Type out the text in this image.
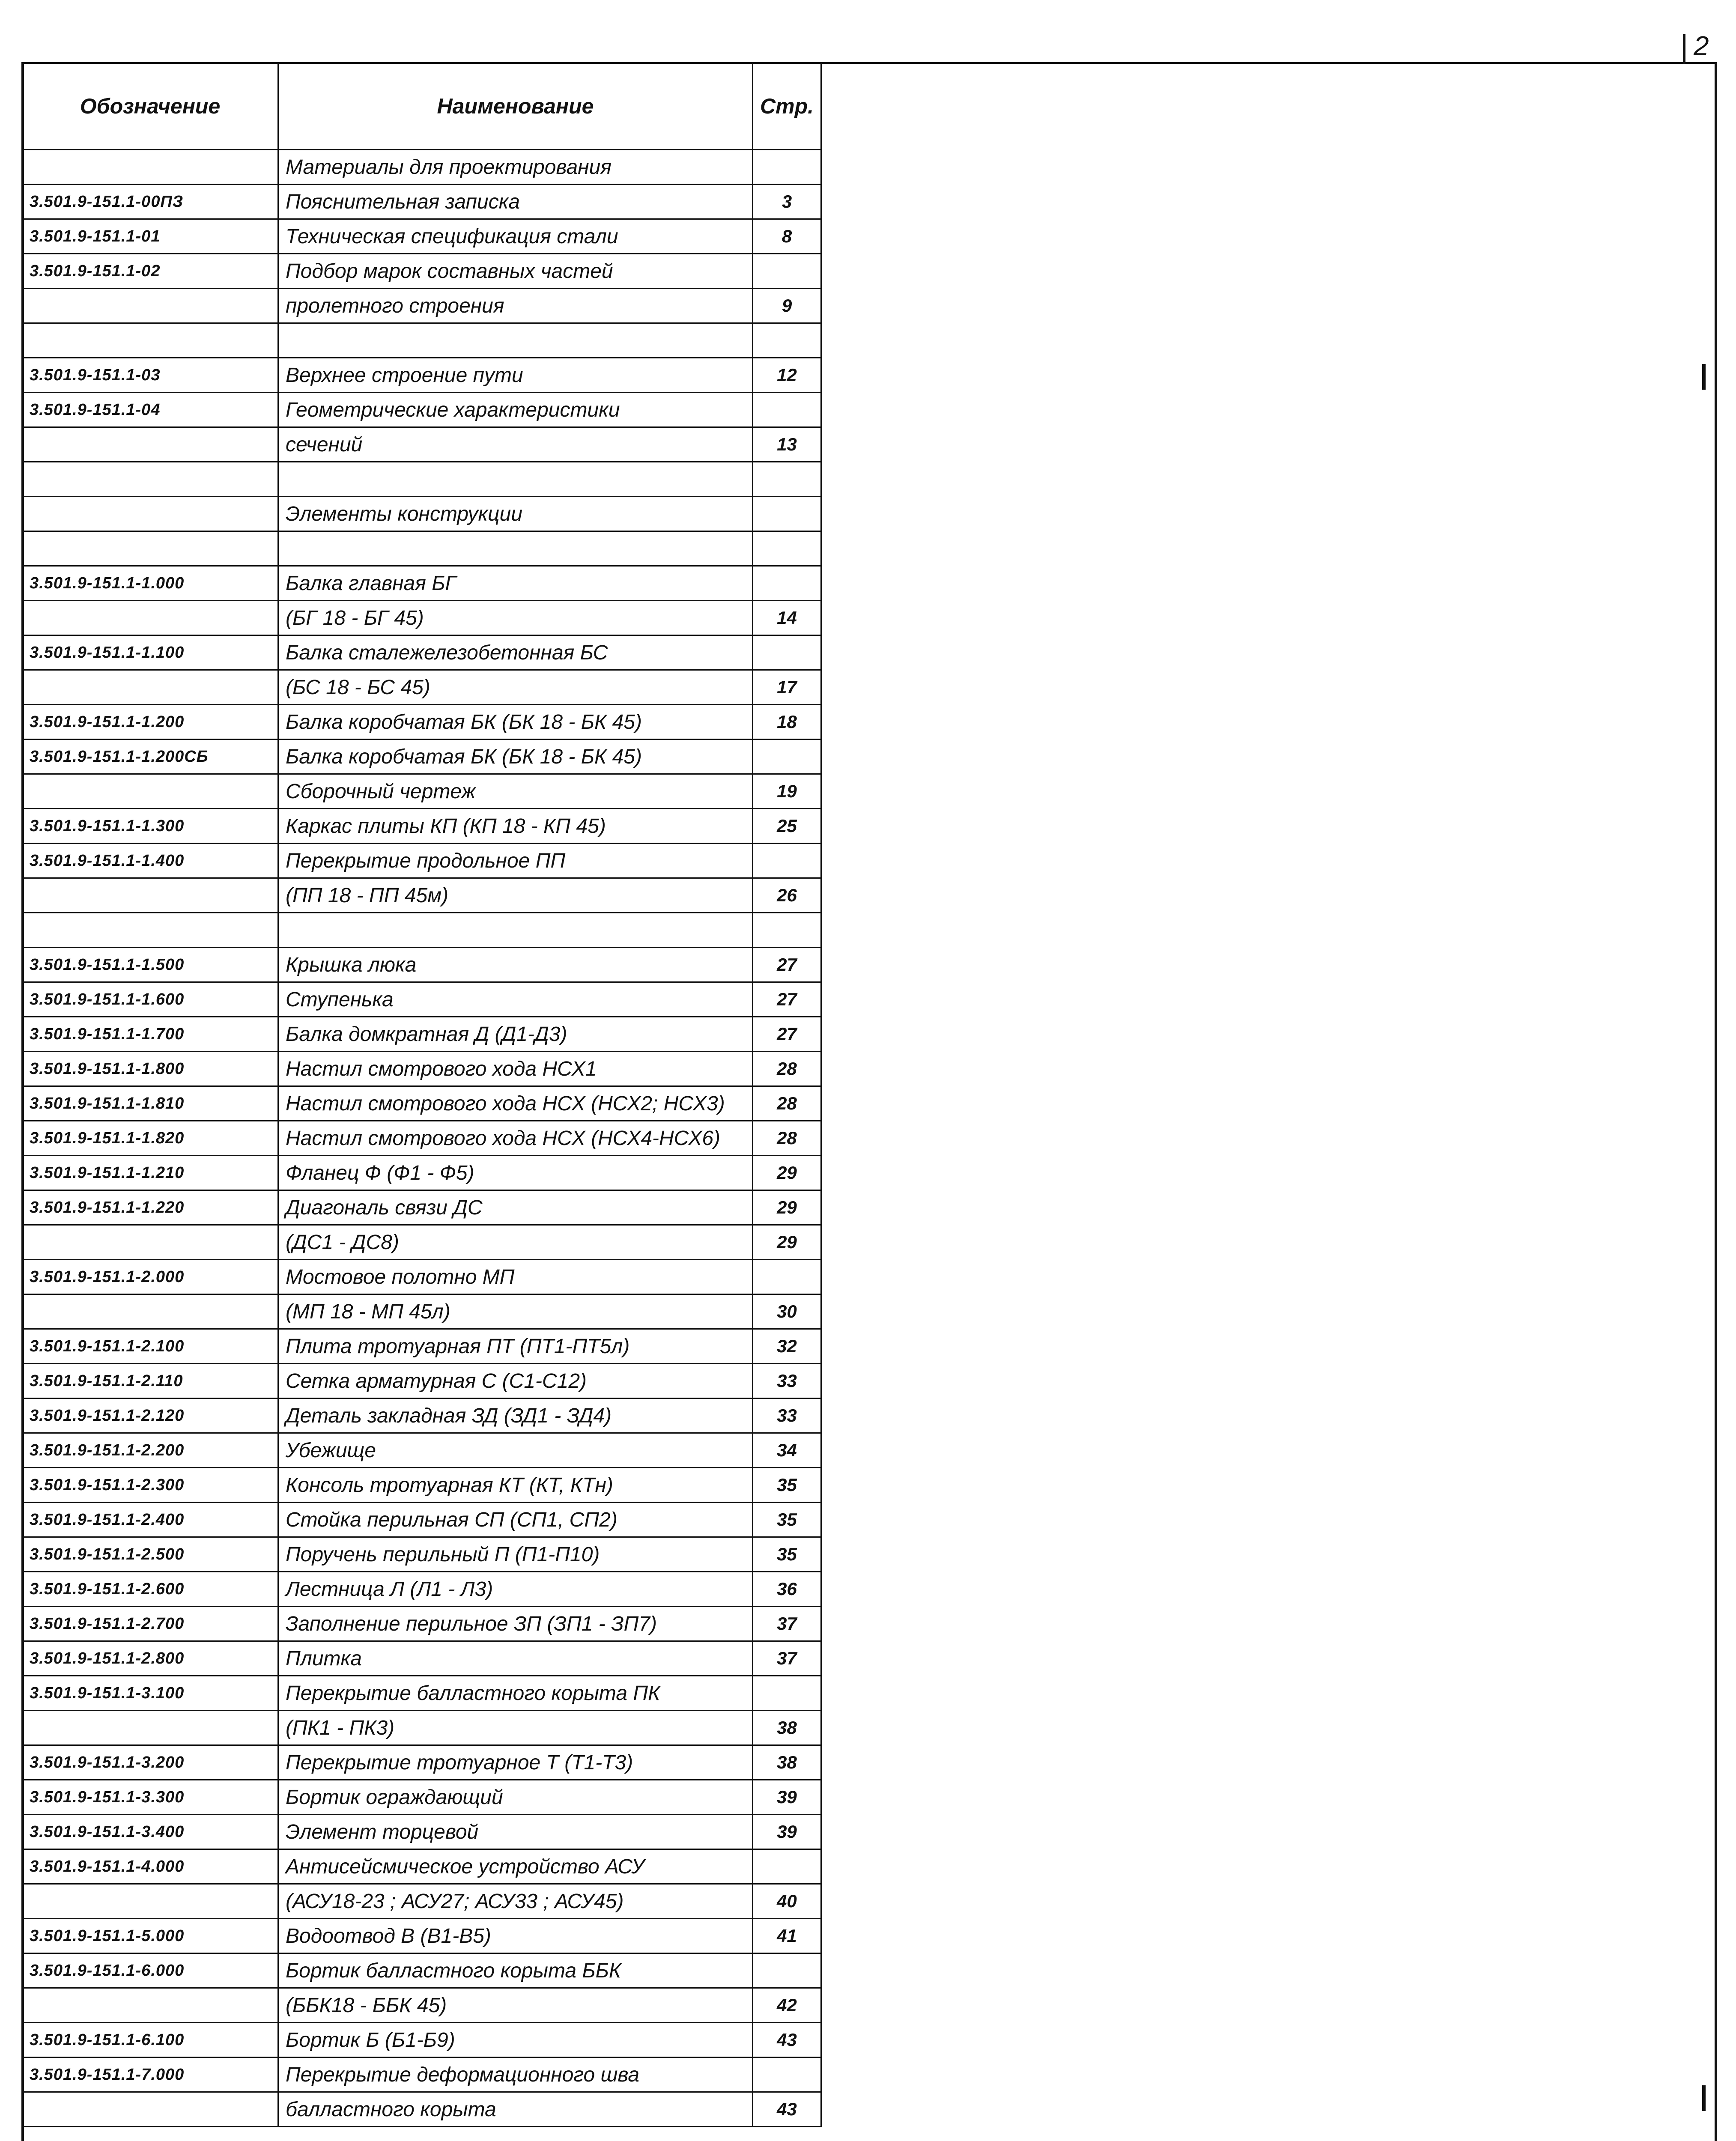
2
Обозначение	Наименование	Стр.
	Материалы для проектирования	
3.501.9-151.1-00ПЗ	Пояснительная записка	3
3.501.9-151.1-01	Техническая спецификация стали	8
3.501.9-151.1-02	Подбор марок составных частей	
	пролетного строения	9

3.501.9-151.1-03	Верхнее строение пути	12
3.501.9-151.1-04	Геометрические характеристики	
	сечений	13

	Элементы конструкции	

3.501.9-151.1-1.000	Балка главная БГ	
	(БГ 18 - БГ 45)	14
3.501.9-151.1-1.100	Балка сталежелезобетонная БС	
	(БС 18 - БС 45)	17
3.501.9-151.1-1.200	Балка коробчатая БК (БК 18 - БК 45)	18
3.501.9-151.1-1.200СБ	Балка коробчатая БК (БК 18 - БК 45)	
	Сборочный чертеж	19
3.501.9-151.1-1.300	Каркас плиты КП (КП 18 - КП 45)	25
3.501.9-151.1-1.400	Перекрытие продольное ПП	
	(ПП 18 - ПП 45м)	26

3.501.9-151.1-1.500	Крышка люка	27
3.501.9-151.1-1.600	Ступенька	27
3.501.9-151.1-1.700	Балка домкратная Д (Д1-Д3)	27
3.501.9-151.1-1.800	Настил смотрового хода НСХ1	28
3.501.9-151.1-1.810	Настил смотрового хода НСХ (НСХ2; НСХ3)	28
3.501.9-151.1-1.820	Настил смотрового хода НСХ (НСХ4-НСХ6)	28
3.501.9-151.1-1.210	Фланец Ф (Ф1 - Ф5)	29
3.501.9-151.1-1.220	Диагональ связи ДС	29
	(ДС1 - ДС8)	29
3.501.9-151.1-2.000	Мостовое полотно МП	
	(МП 18 - МП 45л)	30
3.501.9-151.1-2.100	Плита тротуарная ПТ (ПТ1-ПТ5л)	32
3.501.9-151.1-2.110	Сетка арматурная С (С1-С12)	33
3.501.9-151.1-2.120	Деталь закладная ЗД (ЗД1 - ЗД4)	33
3.501.9-151.1-2.200	Убежище	34
3.501.9-151.1-2.300	Консоль тротуарная КТ (КТ, КТн)	35
3.501.9-151.1-2.400	Стойка перильная СП (СП1, СП2)	35
3.501.9-151.1-2.500	Поручень перильный П (П1-П10)	35
3.501.9-151.1-2.600	Лестница Л (Л1 - Л3)	36
3.501.9-151.1-2.700	Заполнение перильное ЗП (ЗП1 - ЗП7)	37
3.501.9-151.1-2.800	Плитка	37
3.501.9-151.1-3.100	Перекрытие балластного корыта ПК	
	(ПК1 - ПК3)	38
3.501.9-151.1-3.200	Перекрытие тротуарное Т (Т1-Т3)	38
3.501.9-151.1-3.300	Бортик ограждающий	39
3.501.9-151.1-3.400	Элемент торцевой	39
3.501.9-151.1-4.000	Антисейсмическое устройство АСУ	
	(АСУ18-23 ; АСУ27; АСУ33 ; АСУ45)	40
3.501.9-151.1-5.000	Водоотвод В (В1-В5)	41
3.501.9-151.1-6.000	Бортик балластного корыта ББК	
	(ББК18 - ББК 45)	42
3.501.9-151.1-6.100	Бортик Б (Б1-Б9)	43
3.501.9-151.1-7.000	Перекрытие деформационного шва	
	балластного корыта	43
